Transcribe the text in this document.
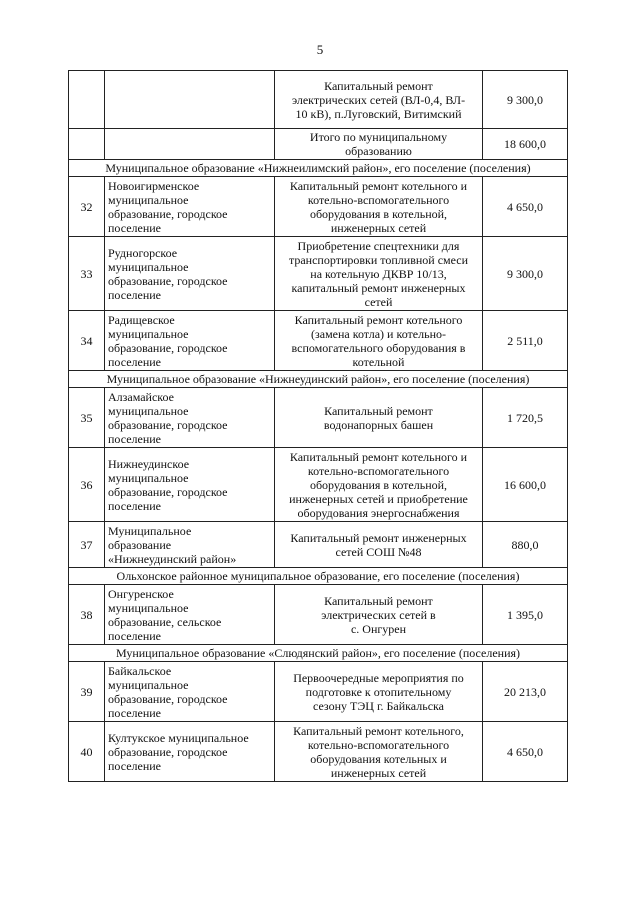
5

		Капитальный ремонт
электрических сетей (ВЛ-0,4, ВЛ-
10 кВ), п.Луговский, Витимский	9 300,0

		Итого по муниципальному
образованию	18 600,0

Муниципальное образование «Нижнеилимский район», его поселение (поселения)			

32	Новоигирменское
муниципальное
образование, городское
поселение	Капитальный ремонт котельного и
котельно-вспомогательного
оборудования в котельной,
инженерных сетей	4 650,0

33	Рудногорское
муниципальное
образование, городское
поселение	Приобретение спецтехники для
транспортировки топливной смеси
на котельную ДКВР 10/13,
капитальный ремонт инженерных
сетей	9 300,0

34	Радищевское
муниципальное
образование, городское
поселение	Капитальный ремонт котельного
(замена котла) и котельно-
вспомогательного оборудования в
котельной	2 511,0

Муниципальное образование «Нижнеудинский район», его поселение (поселения)			

35	Алзамайское
муниципальное
образование, городское
поселение	Капитальный ремонт
водонапорных башен	1 720,5

36	Нижнеудинское
муниципальное
образование, городское
поселение	Капитальный ремонт котельного и
котельно-вспомогательного
оборудования в котельной,
инженерных сетей и приобретение
оборудования энергоснабжения	16 600,0

37	Муниципальное
образование
«Нижнеудинский район»	Капитальный ремонт инженерных
сетей СОШ №48	880,0

Ольхонское районное муниципальное образование, его поселение (поселения)			

38	Онгуренское
муниципальное
образование, сельское
поселение	Капитальный ремонт
электрических сетей в
с. Онгурен	1 395,0

Муниципальное образование «Слюдянский район», его поселение (поселения)			

39	Байкальское
муниципальное
образование, городское
поселение	Первоочередные мероприятия по
подготовке к отопительному
сезону ТЭЦ г. Байкальска	20 213,0

40	Култукское муниципальное
образование, городское
поселение	Капитальный ремонт котельного,
котельно-вспомогательного
оборудования котельных и
инженерных сетей	4 650,0
